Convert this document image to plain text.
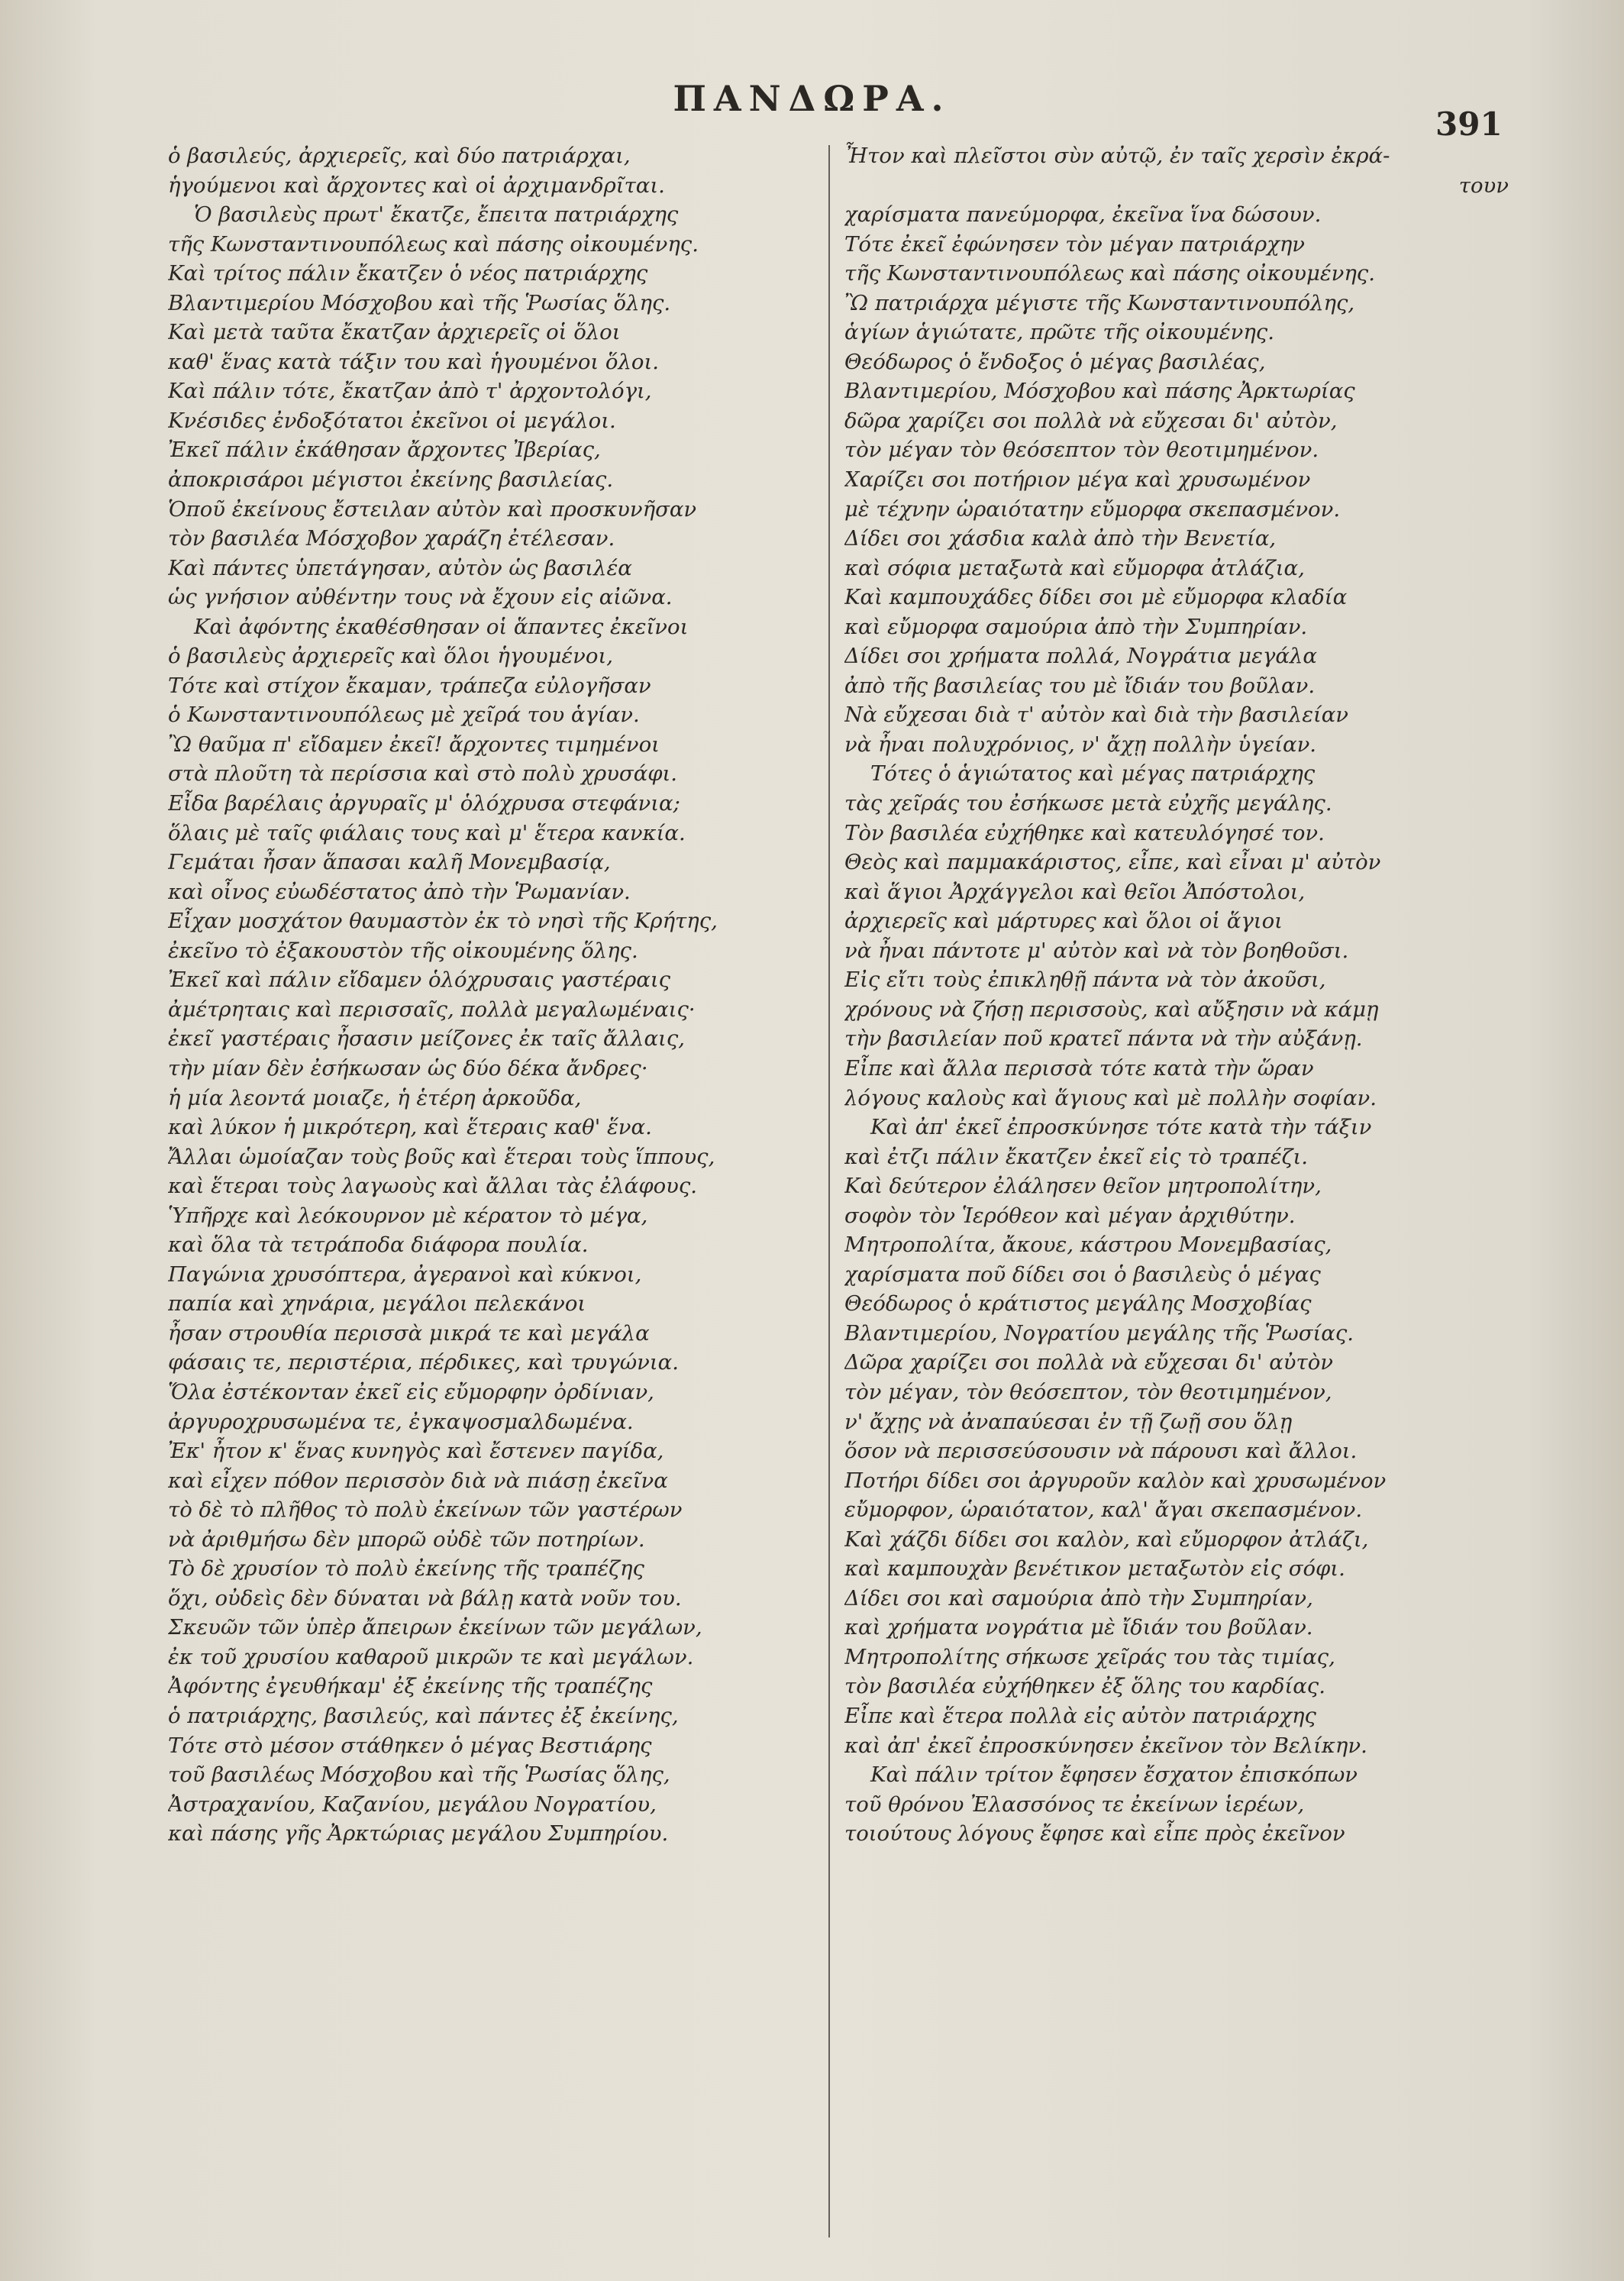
ΠΑΝΔΩΡΑ.
391
ὁ βασιλεύς, ἀρχιερεῖς, καὶ δύο πατριάρχαι,
ἡγούμενοι καὶ ἄρχοντες καὶ οἱ ἀρχιμανδρῖται.
Ὁ βασιλεὺς πρωτ' ἔκατζε, ἔπειτα πατριάρχης
τῆς Κωνσταντινουπόλεως καὶ πάσης οἰκουμένης.
Καὶ τρίτος πάλιν ἔκατζεν ὁ νέος πατριάρχης
Βλαντιμερίου Μόσχοβου καὶ τῆς Ῥωσίας ὅλης.
Καὶ μετὰ ταῦτα ἔκατζαν ἀρχιερεῖς οἱ ὅλοι
καθ' ἕνας κατὰ τάξιν του καὶ ἡγουμένοι ὅλοι.
Καὶ πάλιν τότε, ἔκατζαν ἀπὸ τ' ἀρχοντολόγι,
Κνέσιδες ἐνδοξότατοι ἐκεῖνοι οἱ μεγάλοι.
Ἐκεῖ πάλιν ἐκάθησαν ἄρχοντες Ἰβερίας,
ἀποκρισάροι μέγιστοι ἐκείνης βασιλείας.
Ὁποῦ ἐκείνους ἔστειλαν αὐτὸν καὶ προσκυνῆσαν
τὸν βασιλέα Μόσχοβον χαράζη ἐτέλεσαν.
Καὶ πάντες ὑπετάγησαν, αὐτὸν ὡς βασιλέα
ὡς γνήσιον αὐθέντην τους νὰ ἔχουν εἰς αἰῶνα.
Καὶ ἀφόντης ἐκαθέσθησαν οἱ ἅπαντες ἐκεῖνοι
ὁ βασιλεὺς ἀρχιερεῖς καὶ ὅλοι ἡγουμένοι,
Τότε καὶ στίχον ἔκαμαν, τράπεζα εὐλογῆσαν
ὁ Κωνσταντινουπόλεως μὲ χεῖρά του ἁγίαν.
Ὢ θαῦμα π' εἴδαμεν ἐκεῖ! ἄρχοντες τιμημένοι
στὰ πλοῦτη τὰ περίσσια καὶ στὸ πολὺ χρυσάφι.
Εἶδα βαρέλαις ἀργυραῖς μ' ὁλόχρυσα στεφάνια;
ὅλαις μὲ ταῖς φιάλαις τους καὶ μ' ἕτερα κανκία.
Γεμάται ἦσαν ἅπασαι καλῆ Μονεμβασίᾳ,
καὶ οἶνος εὐωδέστατος ἀπὸ τὴν Ῥωμανίαν.
Εἶχαν μοσχάτον θαυμαστὸν ἐκ τὸ νησὶ τῆς Κρήτης,
ἐκεῖνο τὸ ἐξακουστὸν τῆς οἰκουμένης ὅλης.
Ἐκεῖ καὶ πάλιν εἴδαμεν ὁλόχρυσαις γαστέραις
ἀμέτρηταις καὶ περισσαῖς, πολλὰ μεγαλωμέναις·
ἐκεῖ γαστέραις ἦσασιν μείζονες ἐκ ταῖς ἄλλαις,
τὴν μίαν δὲν ἐσήκωσαν ὡς δύο δέκα ἄνδρες·
ἡ μία λεοντά μοιαζε, ἡ ἑτέρη ἀρκοῦδα,
καὶ λύκον ἡ μικρότερη, καὶ ἕτεραις καθ' ἕνα.
Ἄλλαι ὡμοίαζαν τοὺς βοῦς καὶ ἕτεραι τοὺς ἵππους,
καὶ ἕτεραι τοὺς λαγωοὺς καὶ ἄλλαι τὰς ἐλάφους.
Ὑπῆρχε καὶ λεόκουρνον μὲ κέρατον τὸ μέγα,
καὶ ὅλα τὰ τετράποδα διάφορα πουλία.
Παγώνια χρυσόπτερα, ἀγερανοὶ καὶ κύκνοι,
παπία καὶ χηνάρια, μεγάλοι πελεκάνοι
ἦσαν στρουθία περισσὰ μικρά τε καὶ μεγάλα
φάσαις τε, περιστέρια, πέρδικες, καὶ τρυγώνια.
Ὅλα ἐστέκονταν ἐκεῖ εἰς εὔμορφην ὀρδίνιαν,
ἀργυροχρυσωμένα τε, ἐγκαψοσμαλδωμένα.
Ἐκ' ἦτον κ' ἕνας κυνηγὸς καὶ ἔστενεν παγίδα,
καὶ εἶχεν πόθον περισσὸν διὰ νὰ πιάσῃ ἐκεῖνα
τὸ δὲ τὸ πλῆθος τὸ πολὺ ἐκείνων τῶν γαστέρων
νὰ ἀριθμήσω δὲν μπορῶ οὐδὲ τῶν ποτηρίων.
Τὸ δὲ χρυσίον τὸ πολὺ ἐκείνης τῆς τραπέζης
ὅχι, οὐδεὶς δὲν δύναται νὰ βάλῃ κατὰ νοῦν του.
Σκευῶν τῶν ὑπὲρ ἄπειρων ἐκείνων τῶν μεγάλων,
ἐκ τοῦ χρυσίου καθαροῦ μικρῶν τε καὶ μεγάλων.
Ἀφόντης ἐγευθήκαμ' ἐξ ἐκείνης τῆς τραπέζης
ὁ πατριάρχης, βασιλεύς, καὶ πάντες ἐξ ἐκείνης,
Τότε στὸ μέσον στάθηκεν ὁ μέγας Βεστιάρης
τοῦ βασιλέως Μόσχοβου καὶ τῆς Ῥωσίας ὅλης,
Ἀστραχανίου, Καζανίου, μεγάλου Νογρατίου,
καὶ πάσης γῆς Ἀρκτώριας μεγάλου Συμπηρίου.
Ἦτον καὶ πλεῖστοι σὺν αὐτῷ, ἐν ταῖς χερσὶν ἐκρά-
τουν
χαρίσματα πανεύμορφα, ἐκεῖνα ἵνα δώσουν.
Τότε ἐκεῖ ἐφώνησεν τὸν μέγαν πατριάρχην
τῆς Κωνσταντινουπόλεως καὶ πάσης οἰκουμένης.
Ὢ πατριάρχα μέγιστε τῆς Κωνσταντινουπόλης,
ἁγίων ἁγιώτατε, πρῶτε τῆς οἰκουμένης.
Θεόδωρος ὁ ἔνδοξος ὁ μέγας βασιλέας,
Βλαντιμερίου, Μόσχοβου καὶ πάσης Ἀρκτωρίας
δῶρα χαρίζει σοι πολλὰ νὰ εὔχεσαι δι' αὐτὸν,
τὸν μέγαν τὸν θεόσεπτον τὸν θεοτιμημένον.
Χαρίζει σοι ποτήριον μέγα καὶ χρυσωμένον
μὲ τέχνην ὡραιότατην εὔμορφα σκεπασμένον.
Δίδει σοι χάσδια καλὰ ἀπὸ τὴν Βενετία,
καὶ σόφια μεταξωτὰ καὶ εὔμορφα ἀτλάζια,
Καὶ καμπουχάδες δίδει σοι μὲ εὔμορφα κλαδία
καὶ εὔμορφα σαμούρια ἀπὸ τὴν Συμπηρίαν.
Δίδει σοι χρήματα πολλά, Νογράτια μεγάλα
ἀπὸ τῆς βασιλείας του μὲ ἴδιάν του βοῦλαν.
Νὰ εὔχεσαι διὰ τ' αὐτὸν καὶ διὰ τὴν βασιλείαν
νὰ ἦναι πολυχρόνιος, ν' ἄχῃ πολλὴν ὑγείαν.
Τότες ὁ ἁγιώτατος καὶ μέγας πατριάρχης
τὰς χεῖράς του ἐσήκωσε μετὰ εὐχῆς μεγάλης.
Τὸν βασιλέα εὐχήθηκε καὶ κατευλόγησέ τον.
Θεὸς καὶ παμμακάριστος, εἶπε, καὶ εἶναι μ' αὐτὸν
καὶ ἅγιοι Ἀρχάγγελοι καὶ θεῖοι Ἀπόστολοι,
ἀρχιερεῖς καὶ μάρτυρες καὶ ὅλοι οἱ ἅγιοι
νὰ ἦναι πάντοτε μ' αὐτὸν καὶ νὰ τὸν βοηθοῦσι.
Εἰς εἴτι τοὺς ἐπικληθῇ πάντα νὰ τὸν ἀκοῦσι,
χρόνους νὰ ζήσῃ περισσοὺς, καὶ αὔξησιν νὰ κάμῃ
τὴν βασιλείαν ποῦ κρατεῖ πάντα νὰ τὴν αὐξάνῃ.
Εἶπε καὶ ἄλλα περισσὰ τότε κατὰ τὴν ὥραν
λόγους καλοὺς καὶ ἅγιους καὶ μὲ πολλὴν σοφίαν.
Καὶ ἀπ' ἐκεῖ ἐπροσκύνησε τότε κατὰ τὴν τάξιν
καὶ ἐτζι πάλιν ἔκατζεν ἐκεῖ εἰς τὸ τραπέζι.
Καὶ δεύτερον ἐλάλησεν θεῖον μητροπολίτην,
σοφὸν τὸν Ἱερόθεον καὶ μέγαν ἀρχιθύτην.
Μητροπολίτα, ἄκουε, κάστρου Μονεμβασίας,
χαρίσματα ποῦ δίδει σοι ὁ βασιλεὺς ὁ μέγας
Θεόδωρος ὁ κράτιστος μεγάλης Μοσχοβίας
Βλαντιμερίου, Νογρατίου μεγάλης τῆς Ῥωσίας.
Δῶρα χαρίζει σοι πολλὰ νὰ εὔχεσαι δι' αὐτὸν
τὸν μέγαν, τὸν θεόσεπτον, τὸν θεοτιμημένον,
ν' ἄχῃς νὰ ἀναπαύεσαι ἐν τῇ ζωῇ σου ὅλῃ
ὅσον νὰ περισσεύσουσιν νὰ πάρουσι καὶ ἄλλοι.
Ποτήρι δίδει σοι ἀργυροῦν καλὸν καὶ χρυσωμένον
εὔμορφον, ὡραιότατον, καλ' ἄγαι σκεπασμένον.
Καὶ χάζδι δίδει σοι καλὸν, καὶ εὔμορφον ἀτλάζι,
καὶ καμπουχὰν βενέτικον μεταξωτὸν εἰς σόφι.
Δίδει σοι καὶ σαμούρια ἀπὸ τὴν Συμπηρίαν,
καὶ χρήματα νογράτια μὲ ἴδιάν του βοῦλαν.
Μητροπολίτης σήκωσε χεῖράς του τὰς τιμίας,
τὸν βασιλέα εὐχήθηκεν ἐξ ὅλης του καρδίας.
Εἶπε καὶ ἕτερα πολλὰ εἰς αὐτὸν πατριάρχης
καὶ ἀπ' ἐκεῖ ἐπροσκύνησεν ἐκεῖνον τὸν Βελίκην.
Καὶ πάλιν τρίτον ἔφησεν ἔσχατον ἐπισκόπων
τοῦ θρόνου Ἐλασσόνος τε ἐκείνων ἱερέων,
τοιούτους λόγους ἔφησε καὶ εἶπε πρὸς ἐκεῖνον
